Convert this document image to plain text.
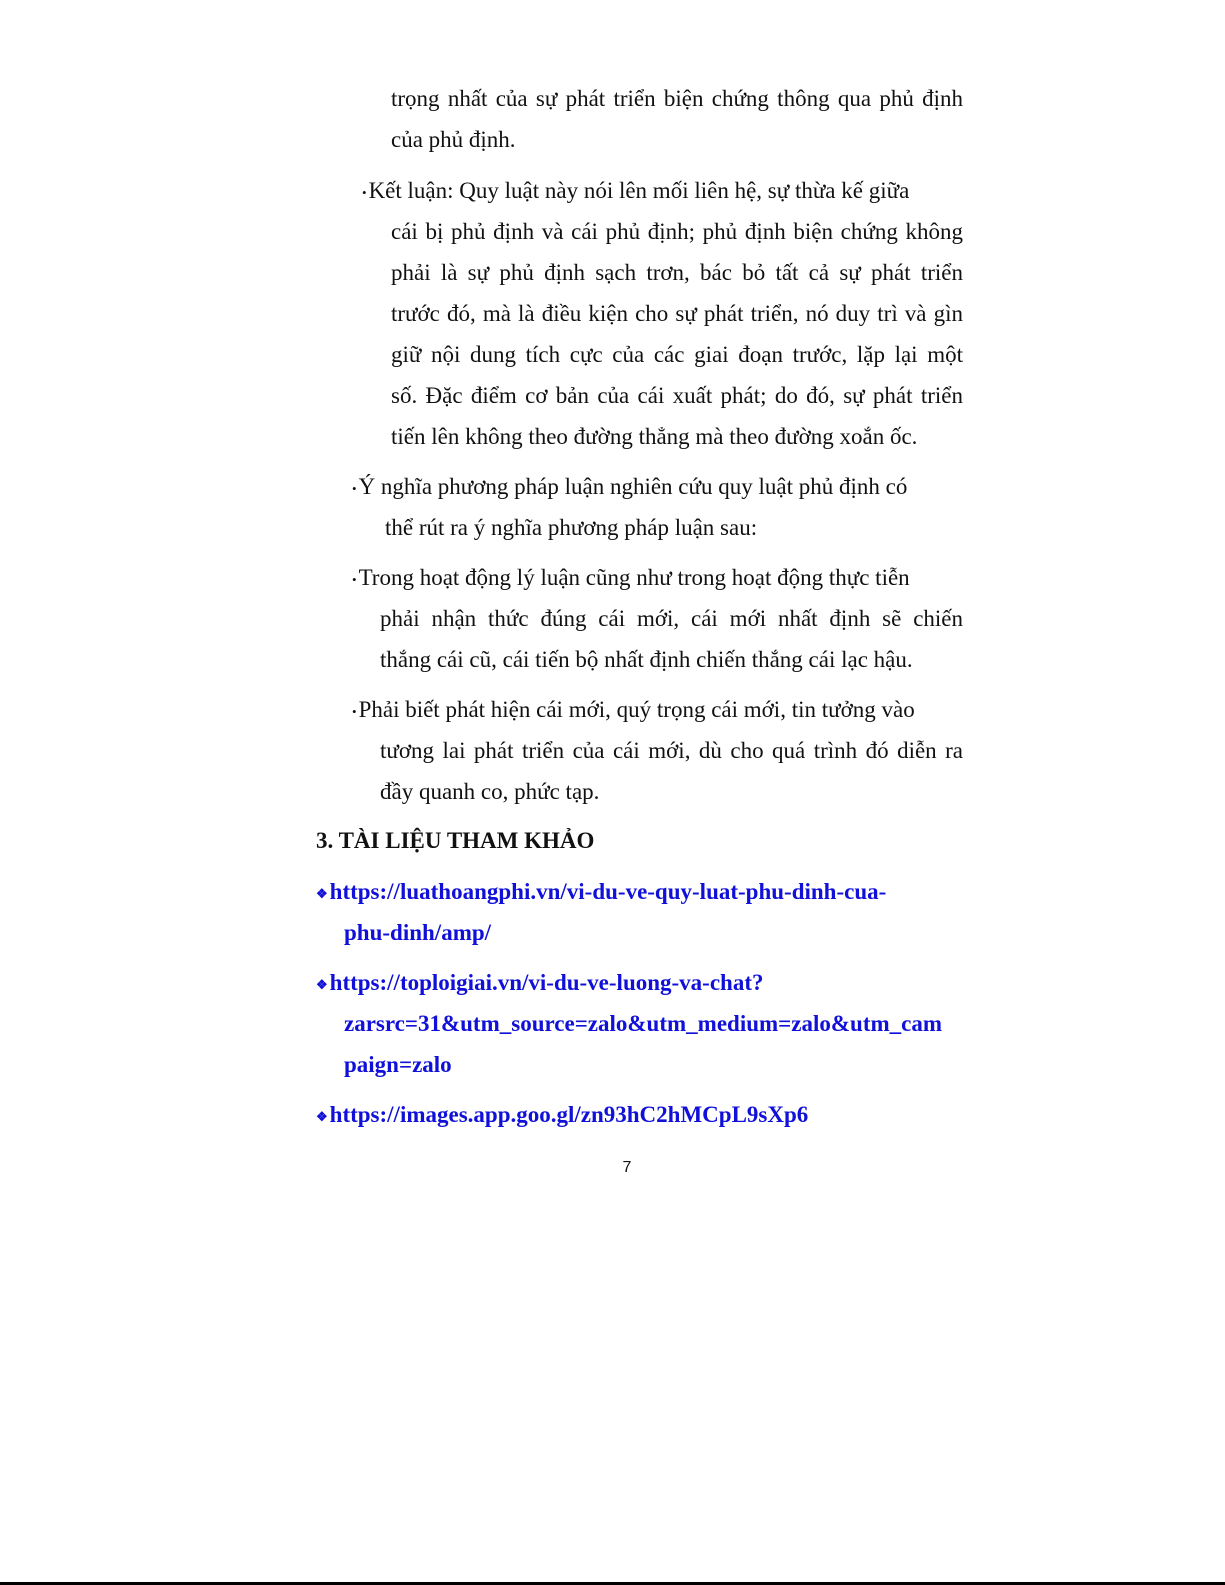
trọng nhất của sự phát triển biện chứng thông qua phủ định
của phủ định.
•Kết luận: Quy luật này nói lên mối liên hệ, sự thừa kế giữa
cái bị phủ định và cái phủ định; phủ định biện chứng không
phải là sự phủ định sạch trơn, bác bỏ tất cả sự phát triển
trước đó, mà là điều kiện cho sự phát triển, nó duy trì và gìn
giữ nội dung tích cực của các giai đoạn trước, lặp lại một
số. Đặc điểm cơ bản của cái xuất phát; do đó, sự phát triển
tiến lên không theo đường thẳng mà theo đường xoắn ốc.
•Ý nghĩa phương pháp luận nghiên cứu quy luật phủ định có
thể rút ra ý nghĩa phương pháp luận sau:
•Trong hoạt động lý luận cũng như trong hoạt động thực tiễn
phải nhận thức đúng cái mới, cái mới nhất định sẽ chiến
thắng cái cũ, cái tiến bộ nhất định chiến thắng cái lạc hậu.
•Phải biết phát hiện cái mới, quý trọng cái mới, tin tưởng vào
tương lai phát triển của cái mới, dù cho quá trình đó diễn ra
đầy quanh co, phức tạp.
3. TÀI LIỆU THAM KHẢO
❖https://luathoangphi.vn/vi-du-ve-quy-luat-phu-dinh-cua-
phu-dinh/amp/
❖https://toploigiai.vn/vi-du-ve-luong-va-chat?
zarsrc=31&utm_source=zalo&utm_medium=zalo&utm_cam
paign=zalo
❖https://images.app.goo.gl/zn93hC2hMCpL9sXp6
7
